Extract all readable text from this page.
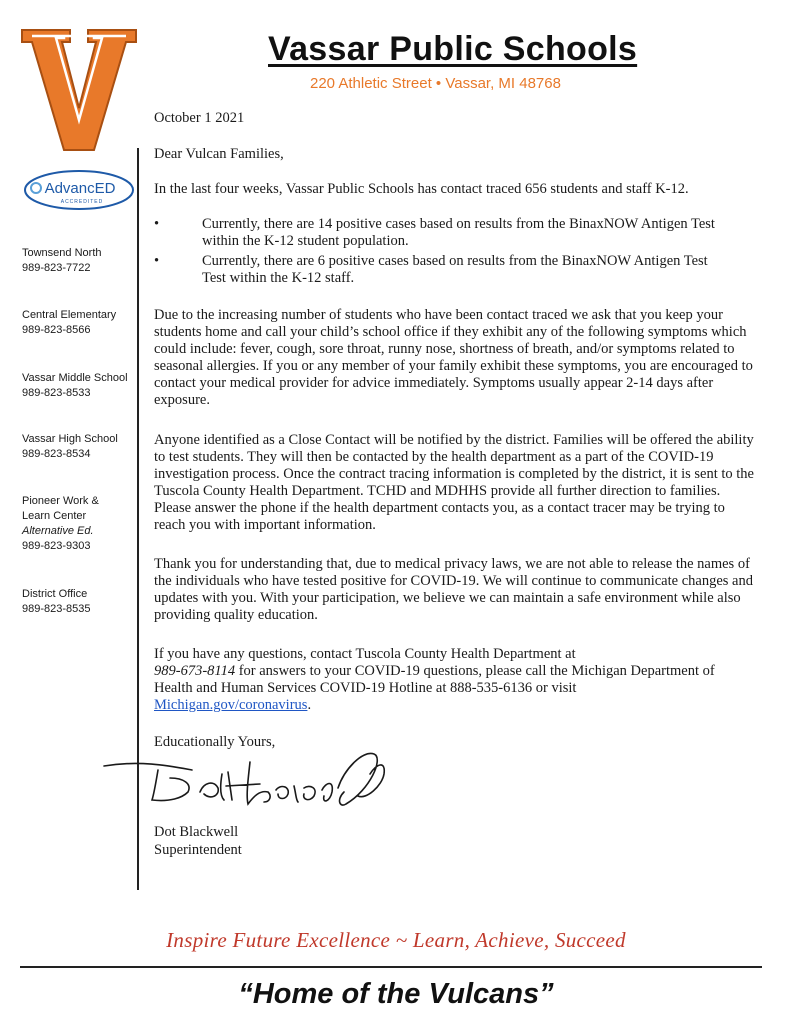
Vassar Public Schools
220 Athletic Street • Vassar, MI 48768
AdvancED
ACCREDITED
Townsend North
989-823-7722
Central Elementary
989-823-8566
Vassar Middle School
989-823-8533
Vassar High School
989-823-8534
Pioneer Work &
Learn Center
Alternative Ed.
989-823-9303
District Office
989-823-8535
October 1 2021
Dear Vulcan Families,
In the last four weeks, Vassar Public Schools has contact traced 656 students and staff K-12.
•	Currently, there are 14 positive cases based on results from the BinaxNOW Antigen Test within the K-12 student population.
•	Currently, there are 6 positive cases based on results from the BinaxNOW Antigen Test Test within the K-12 staff.
Due to the increasing number of students who have been contact traced we ask that you keep your students home and call your child’s school office if they exhibit any of the following symptoms which could include: fever, cough, sore throat, runny nose, shortness of breath, and/or symptoms related to seasonal allergies. If you or any member of your family exhibit these symptoms, you are encouraged to contact your medical provider for advice immediately. Symptoms usually appear 2-14 days after exposure.
Anyone identified as a Close Contact will be notified by the district. Families will be offered the ability to test students. They will then be contacted by the health department as a part of the COVID-19 investigation process. Once the contract tracing information is completed by the district, it is sent to the Tuscola County Health Department. TCHD and MDHHS provide all further direction to families. Please answer the phone if the health department contacts you, as a contact tracer may be trying to reach you with important information.
Thank you for understanding that, due to medical privacy laws, we are not able to release the names of the individuals who have tested positive for COVID-19. We will continue to communicate changes and updates with you. With your participation, we believe we can maintain a safe environment while also providing quality education.
If you have any questions, contact Tuscola County Health Department at
989-673-8114 for answers to your COVID-19 questions, please call the Michigan Department of Health and Human Services COVID-19 Hotline at 888-535-6136 or visit
Michigan.gov/coronavirus.
Educationally Yours,
Dot Blackwell
Superintendent
Inspire Future Excellence ~ Learn, Achieve, Succeed
“Home of the Vulcans”
